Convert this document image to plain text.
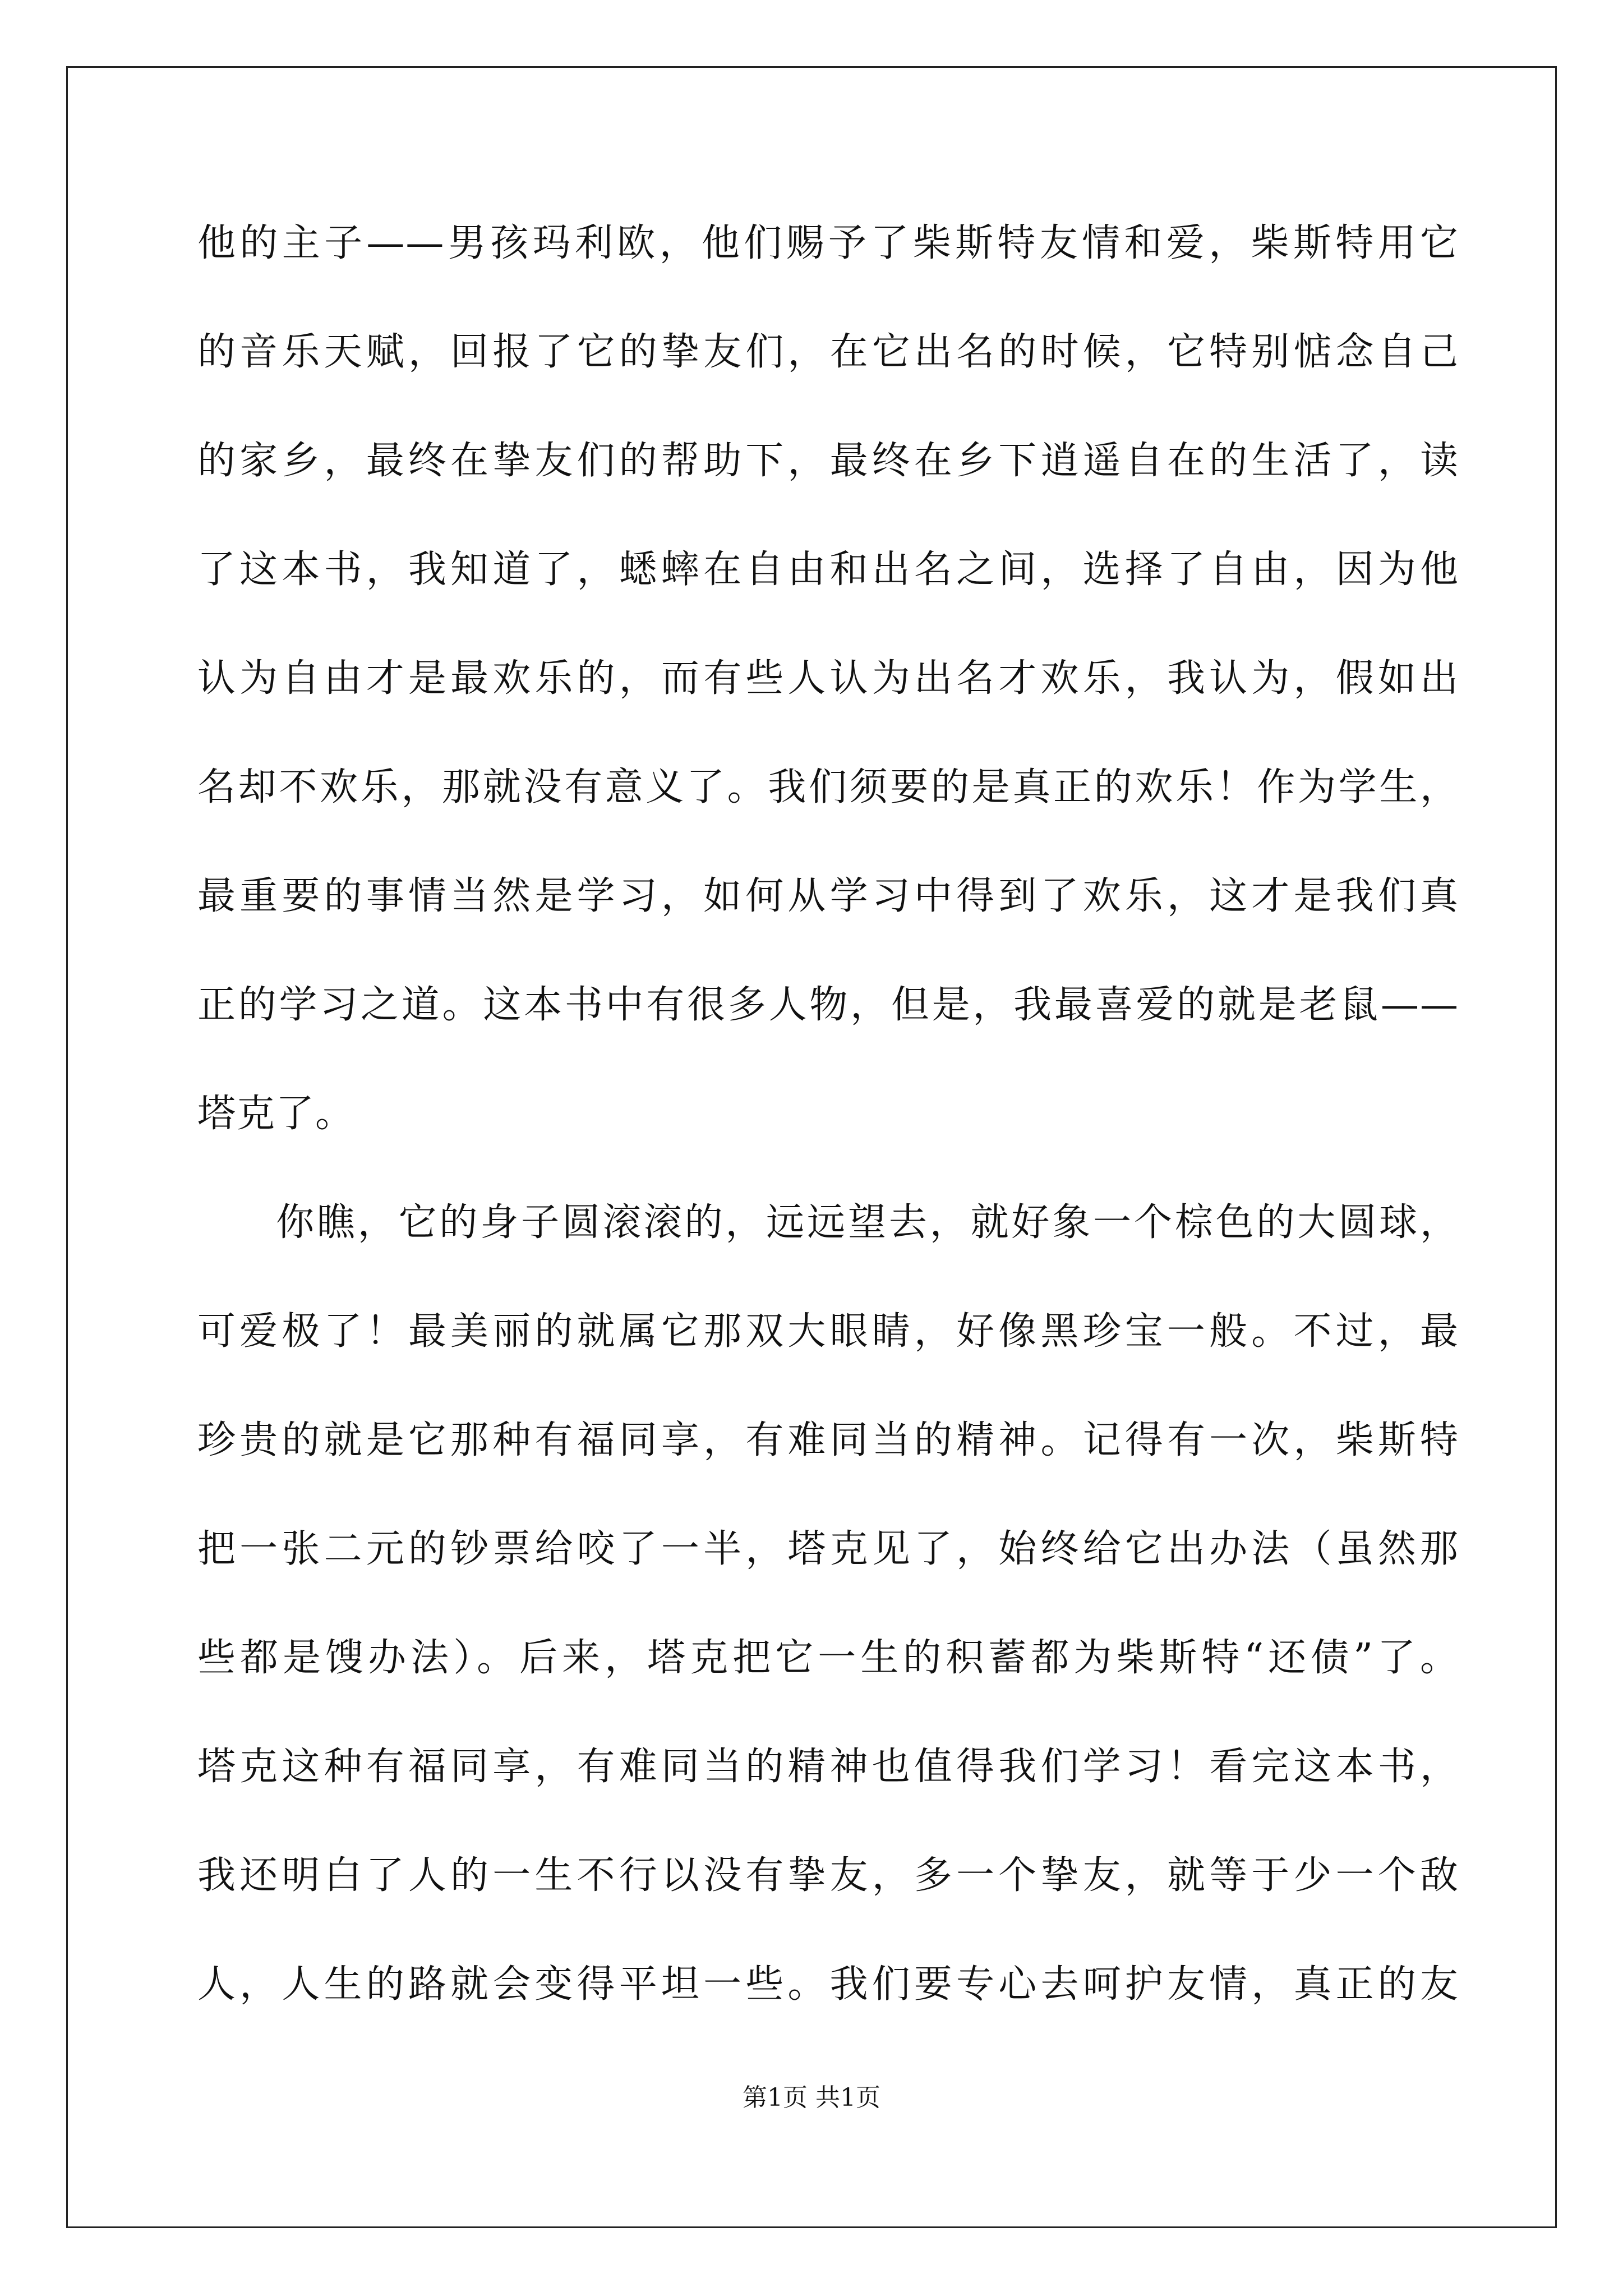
他的主子——男孩玛利欧，他们赐予了柴斯特友情和爱，柴斯特用它
的音乐天赋，回报了它的挚友们，在它出名的时候，它特别惦念自己
的家乡，最终在挚友们的帮助下，最终在乡下逍遥自在的生活了，读
了这本书，我知道了，蟋蟀在自由和出名之间，选择了自由，因为他
认为自由才是最欢乐的，而有些人认为出名才欢乐，我认为，假如出
名却不欢乐，那就没有意义了。我们须要的是真正的欢乐！作为学生，
最重要的事情当然是学习，如何从学习中得到了欢乐，这才是我们真
正的学习之道。这本书中有很多人物，但是，我最喜爱的就是老鼠——
塔克了。
你瞧，它的身子圆滚滚的，远远望去，就好象一个棕色的大圆球，
可爱极了！最美丽的就属它那双大眼睛，好像黑珍宝一般。不过，最
珍贵的就是它那种有福同享，有难同当的精神。记得有一次，柴斯特
把一张二元的钞票给咬了一半，塔克见了，始终给它出办法（虽然那
些都是馊办法）。后来，塔克把它一生的积蓄都为柴斯特“还债”了。
塔克这种有福同享，有难同当的精神也值得我们学习！看完这本书，
我还明白了人的一生不行以没有挚友，多一个挚友，就等于少一个敌
人，人生的路就会变得平坦一些。我们要专心去呵护友情，真正的友
第1页 共1页
